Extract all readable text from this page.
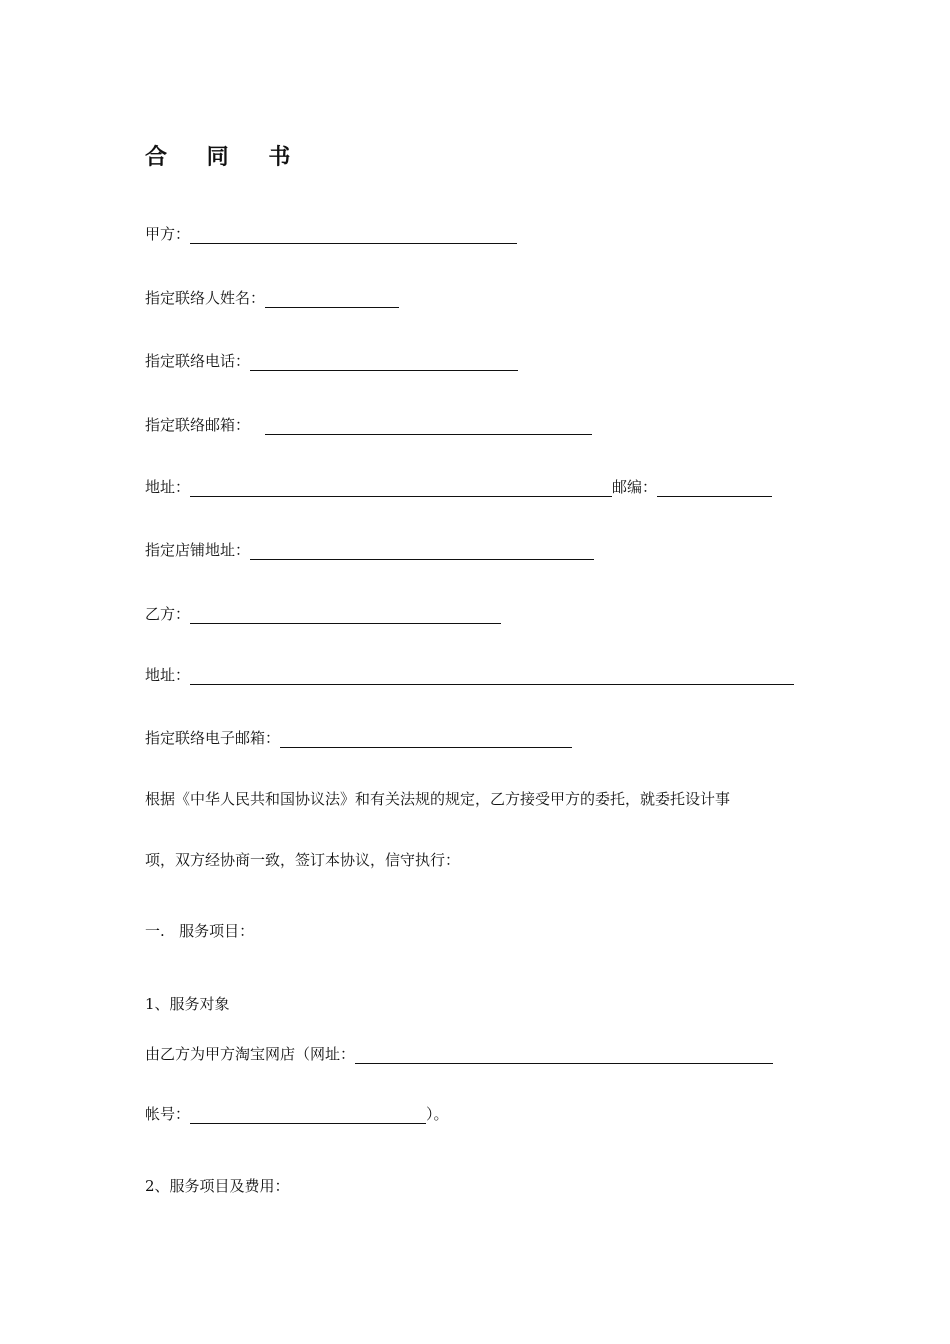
合 同 书
甲方：
指定联络人姓名：
指定联络电话：
指定联络邮箱：
地址：	邮编：
指定店铺地址：
乙方：
地址：
指定联络电子邮箱：
根据《中华人民共和国协议法》和有关法规的规定，乙方接受甲方的委托，就委托设计事
项，双方经协商一致，签订本协议，信守执行：
一.   服务项目：
1、服务对象
由乙方为甲方淘宝网店（网址：
帐号：	）。
2、服务项目及费用：
